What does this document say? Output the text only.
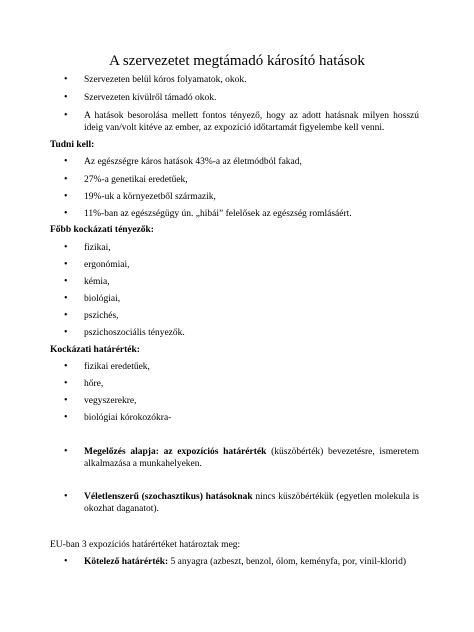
A szervezetet megtámadó károsító hatások
• Szervezeten belül kóros folyamatok, okok.
• Szervezeten kívülről támadó okok.
• A hatások besorolása mellett fontos tényező, hogy az adott hatásnak milyen hosszú ideig van/volt kitéve az ember, az expozíció időtartamát figyelembe kell venni.
Tudni kell:
• Az egészségre káros hatások 43%-a az életmódból fakad,
• 27%-a genetikai eredetűek,
• 19%-uk a környezetből származik,
• 11%-ban az egészségügy ún. „hibái” felelősek az egészség romlásáért.
Főbb kockázati tényezők:
• fizikai,
• ergonómiai,
• kémia,
• biológiai,
• pszichés,
• pszichoszociális tényezők.
Kockázati határérték:
• fizikai eredetűek,
• hőre,
• vegyszerekre,
• biológiai kórokozókra-
• Megelőzés alapja: az expozíciós határérték (küszöbérték) bevezetésre, ismeretem alkalmazása a munkahelyeken.
• Véletlenszerű (szochasztikus) hatásoknak nincs küszöbértékük (egyetlen molekula is okozhat daganatot).
EU-ban 3 expozíciós határértéket határoztak meg:
• Kötelező határérték: 5 anyagra (azbeszt, benzol, ólom, keményfa, por, vinil-klorid)
